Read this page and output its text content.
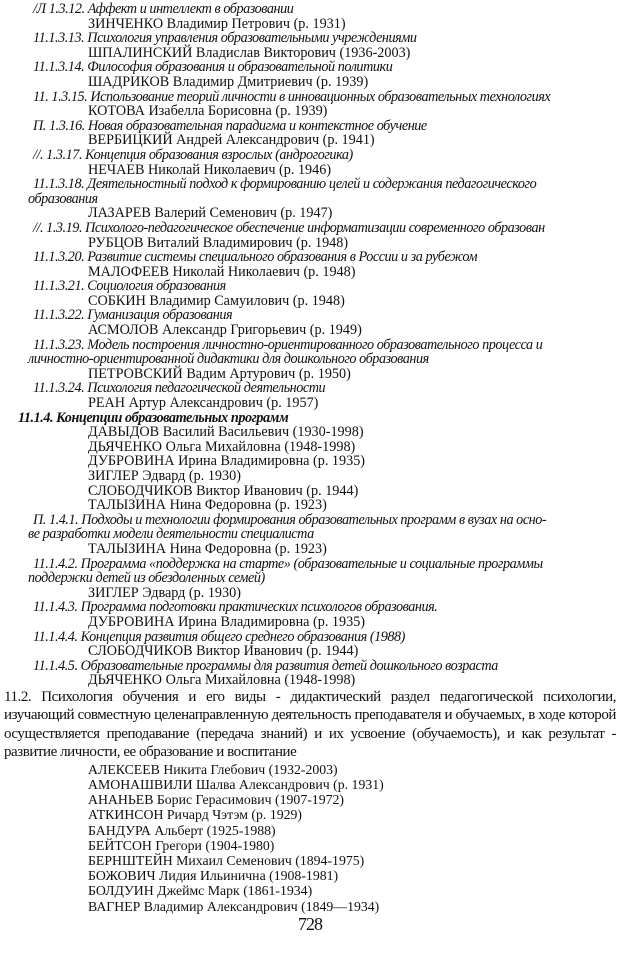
/Л 1.3.12. Аффект и интеллект в образовании
ЗИНЧЕНКО Владимир Петрович (р. 1931)
11.1.3.13. Психология управления образовательными учреждениями
ШПАЛИНСКИЙ Владислав Викторович (1936-2003)
11.1.3.14. Философия образования и образовательной политики
ШАДРИКОВ Владимир Дмитриевич (р. 1939)
11. 1.3.15. Использование теорий личности в инновационных образовательных технологиях
КОТОВА Изабелла Борисовна (р. 1939)
П. 1.3.16. Новая образовательная парадигма и контекстное обучение
ВЕРБИЦКИЙ Андрей Александрович (р. 1941)
//. 1.3.17. Концепция образования взрослых (андрогогика)
НЕЧАЕВ Николай Николаевич (р. 1946)
11.1.3.18. Деятельностный подход к формированию целей и содержания педагогического
образования
ЛАЗАРЕВ Валерий Семенович (р. 1947)
//. 1.3.19. Психолого-педагогическое обеспечение информатизации современного образован
РУБЦОВ Виталий Владимирович (р. 1948)
11.1.3.20. Развитие системы специального образования в России и за рубежом
МАЛОФЕЕВ Николай Николаевич (р. 1948)
11.1.3.21. Социология образования
СОБКИН Владимир Самуилович (р. 1948)
11.1.3.22. Гуманизация образования
АСМОЛОВ Александр Григорьевич (р. 1949)
11.1.3.23. Модель построения личностно-ориентированного образовательного процесса и
личностно-ориентированной дидактики для дошкольного образования
ПЕТРОВСКИЙ Вадим Артурович (р. 1950)
11.1.3.24. Психология педагогической деятельности
РЕАН Артур Александрович (р. 1957)
11.1.4. Концепции образовательных программ
ДАВЫДОВ Василий Васильевич (1930-1998)
ДЬЯЧЕНКО Ольга Михайловна (1948-1998)
ДУБРОВИНА Ирина Владимировна (р. 1935)
ЗИГЛЕР Эдвард (р. 1930)
СЛОБОДЧИКОВ Виктор Иванович (р. 1944)
ТАЛЫЗИНА Нина Федоровна (р. 1923)
П. 1.4.1. Подходы и технологии формирования образовательных программ в вузах на осно-
ве разработки модели деятельности специалиста
ТАЛЫЗИНА Нина Федоровна (р. 1923)
11.1.4.2. Программа «поддержка на старте» (образовательные и социальные программы
поддержки детей из обездоленных семей)
ЗИГЛЕР Эдвард (р. 1930)
11.1.4.3. Программа подготовки практических психологов образования.
ДУБРОВИНА Ирина Владимировна (р. 1935)
11.1.4.4. Концепция развития общего среднего образования (1988)
СЛОБОДЧИКОВ Виктор Иванович (р. 1944)
11.1.4.5. Образовательные программы для развития детей дошкольного возраста
ДЬЯЧЕНКО Ольга Михайловна (1948-1998)
11.2. Психология обучения и его виды - дидактический раздел педагогической психологии, изучающий совместную целенаправленную деятельность преподавателя и обучаемых, в ходе которой осуществляется преподавание (передача знаний) и их усвоение (обучаемость), и как результат - развитие личности, ее образование и воспитание
АЛЕКСЕЕВ Никита Глебович (1932-2003)
АМОНАШВИЛИ Шалва Александрович (р. 1931)
АНАНЬЕВ Борис Герасимович (1907-1972)
АТКИНСОН Ричард Чэтэм (р. 1929)
БАНДУРА Альберт (1925-1988)
БЕЙТСОН Грегори (1904-1980)
БЕРНШТЕЙН Михаил Семенович (1894-1975)
БОЖОВИЧ Лидия Ильинична (1908-1981)
БОЛДУИН Джеймс Марк (1861-1934)
ВАГНЕР Владимир Александрович (1849—1934)
728
